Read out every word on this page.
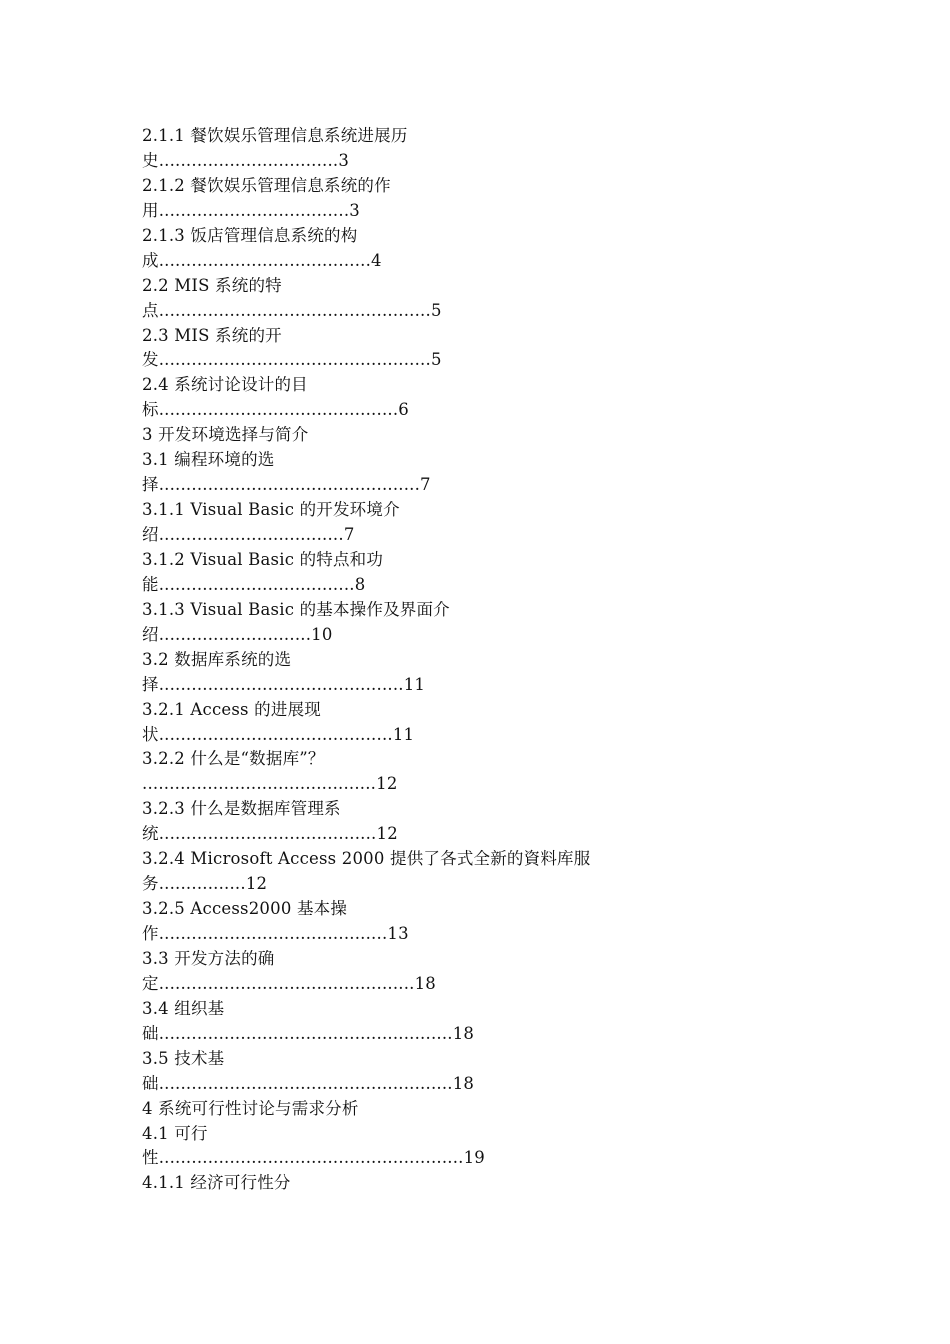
2.1.1 餐饮娱乐管理信息系统进展历
史.................................3
2.1.2 餐饮娱乐管理信息系统的作
用...................................3
2.1.3 饭店管理信息系统的构
成.......................................4
2.2 MIS 系统的特
点..................................................5
2.3 MIS 系统的开
发..................................................5
2.4 系统讨论设计的目
标............................................6
3 开发环境选择与简介
3.1 编程环境的选
择................................................7
3.1.1 Visual Basic 的开发环境介
绍..................................7
3.1.2 Visual Basic 的特点和功
能....................................8
3.1.3 Visual Basic 的基本操作及界面介
绍............................10
3.2 数据库系统的选
择.............................................11
3.2.1 Access 的进展现
状...........................................11
3.2.2 什么是“数据库”？
...........................................12
3.2.3 什么是数据库管理系
统........................................12
3.2.4 Microsoft Access 2000 提供了各式全新的資料库服
务................12
3.2.5 Access2000 基本操
作..........................................13
3.3 开发方法的确
定...............................................18
3.4 组织基
础......................................................18
3.5 技术基
础......................................................18
4 系统可行性讨论与需求分析
4.1 可行
性........................................................19
4.1.1 经济可行性分
